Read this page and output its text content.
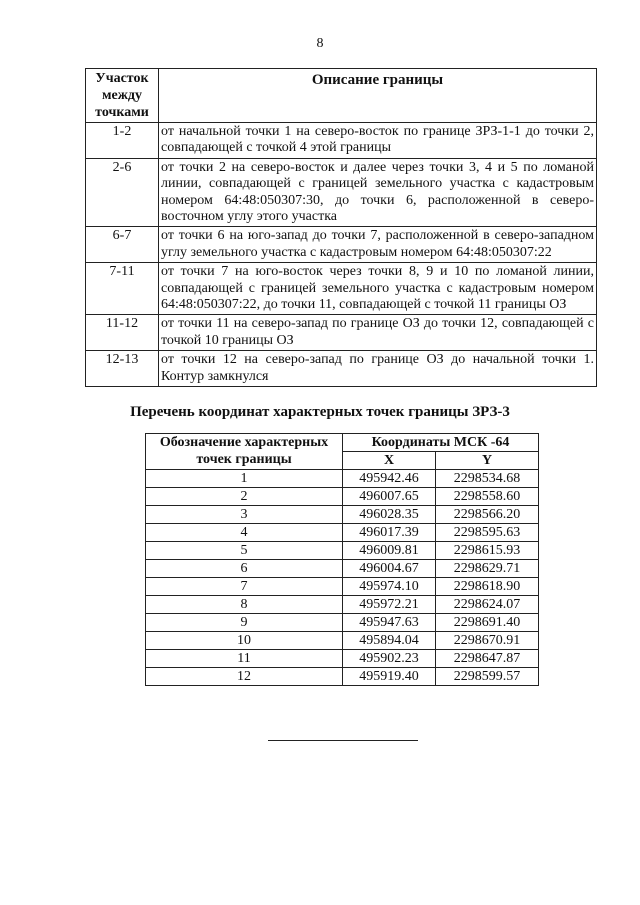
8
Участок между точками	Описание границы
1-2	от начальной точки 1 на северо-восток по границе ЗРЗ-1-1 до точки 2, совпадающей с точкой 4 этой границы
2-6	от точки 2 на северо-восток и далее через точки 3, 4 и 5 по ломаной линии, совпадающей с границей земельного участка с кадастровым номером 64:48:050307:30, до точки 6, расположенной в северо-восточном углу этого участка
6-7	от точки 6 на юго-запад до точки 7, расположенной в северо-западном углу земельного участка с кадастровым номером 64:48:050307:22
7-11	от точки 7 на юго-восток через точки 8, 9 и 10 по ломаной линии, совпадающей с границей земельного участка с кадастровым номером 64:48:050307:22, до точки 11, совпадающей с точкой 11 границы ОЗ
11-12	от точки 11 на северо-запад по границе ОЗ до точки 12, совпадающей с точкой 10 границы ОЗ
12-13	от точки 12 на северо-запад по границе ОЗ до начальной точки 1. Контур замкнулся
Перечень координат характерных точек границы ЗРЗ-3
Обозначение характерных точек границы	Координаты МСК -64	
	X	Y
1	495942.46	2298534.68
2	496007.65	2298558.60
3	496028.35	2298566.20
4	496017.39	2298595.63
5	496009.81	2298615.93
6	496004.67	2298629.71
7	495974.10	2298618.90
8	495972.21	2298624.07
9	495947.63	2298691.40
10	495894.04	2298670.91
11	495902.23	2298647.87
12	495919.40	2298599.57
